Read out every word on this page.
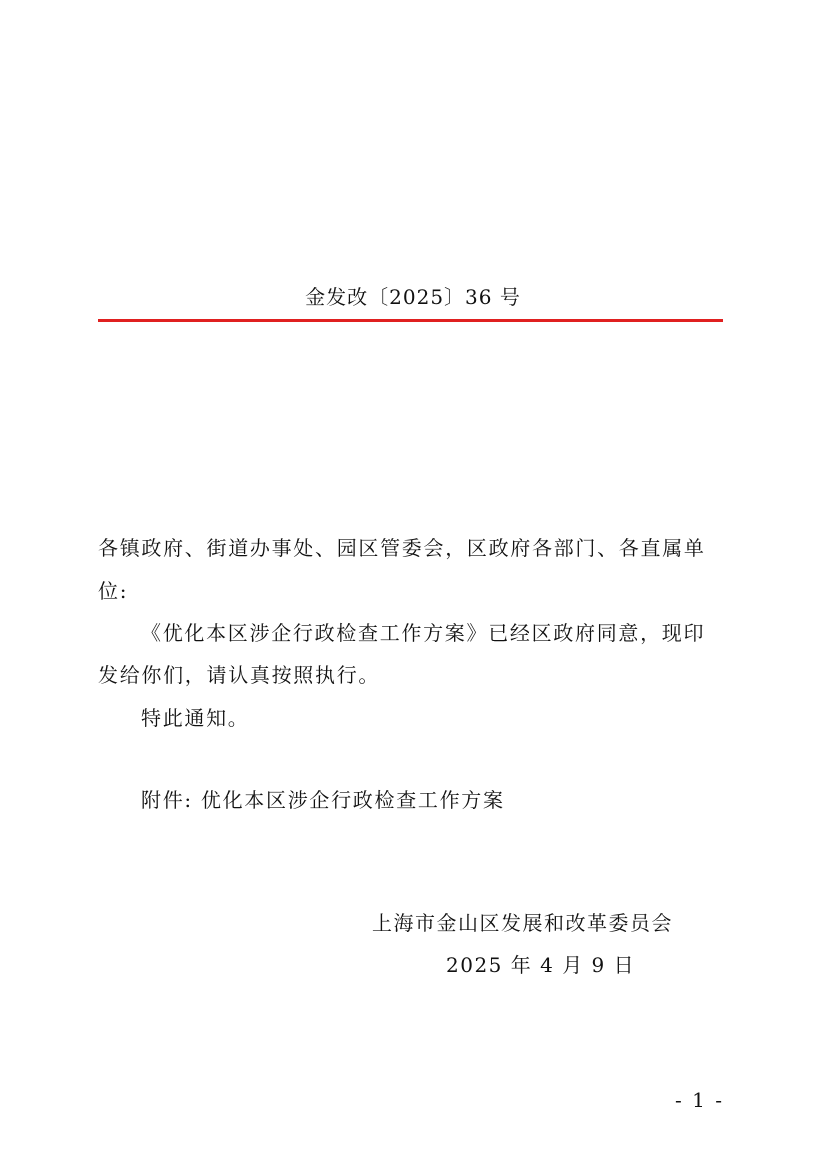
金发改〔2025〕36 号
各镇政府、街道办事处、园区管委会，区政府各部门、各直属单
位:
《优化本区涉企行政检查工作方案》已经区政府同意，现印
发给你们，请认真按照执行。
特此通知。
附件: 优化本区涉企行政检查工作方案
上海市金山区发展和改革委员会
2025 年 4 月 9 日
- 1 -
